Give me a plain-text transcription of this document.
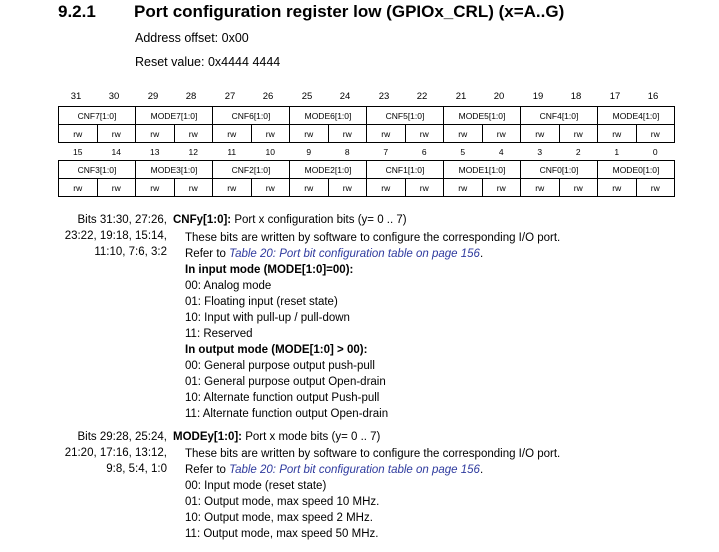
9.2.1 Port configuration register low (GPIOx_CRL) (x=A..G)
Address offset: 0x00
Reset value: 0x4444 4444
31	30	29	28	27	26	25	24	23	22	21	20	19	18	17	16
CNF7[1:0]		MODE7[1:0]		CNF6[1:0]		MODE6[1:0]		CNF5[1:0]		MODE5[1:0]		CNF4[1:0]		MODE4[1:0]	
rw	rw	rw	rw	rw	rw	rw	rw	rw	rw	rw	rw	rw	rw	rw	rw
15	14	13	12	11	10	9	8	7	6	5	4	3	2	1	0
CNF3[1:0]		MODE3[1:0]		CNF2[1:0]		MODE2[1:0]		CNF1[1:0]		MODE1[1:0]		CNF0[1:0]		MODE0[1:0]	
rw	rw	rw	rw	rw	rw	rw	rw	rw	rw	rw	rw	rw	rw	rw	rw
Bits 31:30, 27:26,
23:22, 19:18, 15:14,
11:10, 7:6, 3:2
CNFy[1:0]: Port x configuration bits (y= 0 .. 7)
These bits are written by software to configure the corresponding I/O port.
Refer to Table 20: Port bit configuration table on page 156.
In input mode (MODE[1:0]=00):
00: Analog mode
01: Floating input (reset state)
10: Input with pull-up / pull-down
11: Reserved
In output mode (MODE[1:0] > 00):
00: General purpose output push-pull
01: General purpose output Open-drain
10: Alternate function output Push-pull
11: Alternate function output Open-drain
Bits 29:28, 25:24,
21:20, 17:16, 13:12,
9:8, 5:4, 1:0
MODEy[1:0]: Port x mode bits (y= 0 .. 7)
These bits are written by software to configure the corresponding I/O port.
Refer to Table 20: Port bit configuration table on page 156.
00: Input mode (reset state)
01: Output mode, max speed 10 MHz.
10: Output mode, max speed 2 MHz.
11: Output mode, max speed 50 MHz.
